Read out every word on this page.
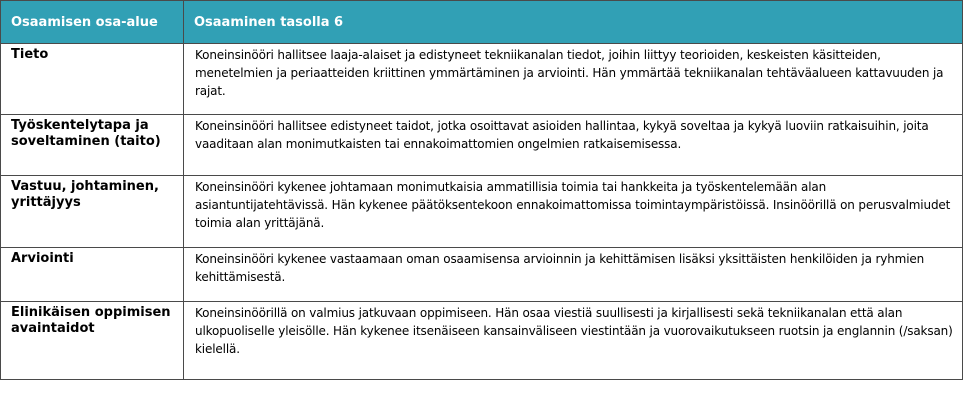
Osaamisen osa-alue	Osaaminen tasolla 6
Tieto	Koneinsinööri hallitsee laaja-alaiset ja edistyneet tekniikanalan tiedot, joihin liittyy teorioiden, keskeisten käsitteiden, menetelmien ja periaatteiden kriittinen ymmärtäminen ja arviointi. Hän ymmärtää tekniikanalan tehtäväalueen kattavuuden ja rajat.
Työskentelytapa ja soveltaminen (taito)	Koneinsinööri hallitsee edistyneet taidot, jotka osoittavat asioiden hallintaa, kykyä soveltaa ja kykyä luoviin ratkaisuihin, joita vaaditaan alan monimutkaisten tai ennakoimattomien ongelmien ratkaisemisessa.
Vastuu, johtaminen, yrittäjyys	Koneinsinööri kykenee johtamaan monimutkaisia ammatillisia toimia tai hankkeita ja työskentelemään alan asiantuntijatehtävissä. Hän kykenee päätöksentekoon ennakoimattomissa toimintaympäristöissä. Insinöörillä on perusvalmiudet toimia alan yrittäjänä.
Arviointi	Koneinsinööri kykenee vastaamaan oman osaamisensa arvioinnin ja kehittämisen lisäksi yksittäisten henkilöiden ja ryhmien kehittämisestä.
Elinikäisen oppimisen avaintaidot	Koneinsinöörillä on valmius jatkuvaan oppimiseen. Hän osaa viestiä suullisesti ja kirjallisesti sekä tekniikanalan että alan ulkopuoliselle yleisölle. Hän kykenee itsenäiseen kansainväliseen viestintään ja vuorovaikutukseen ruotsin ja englannin (/saksan) kielellä.
